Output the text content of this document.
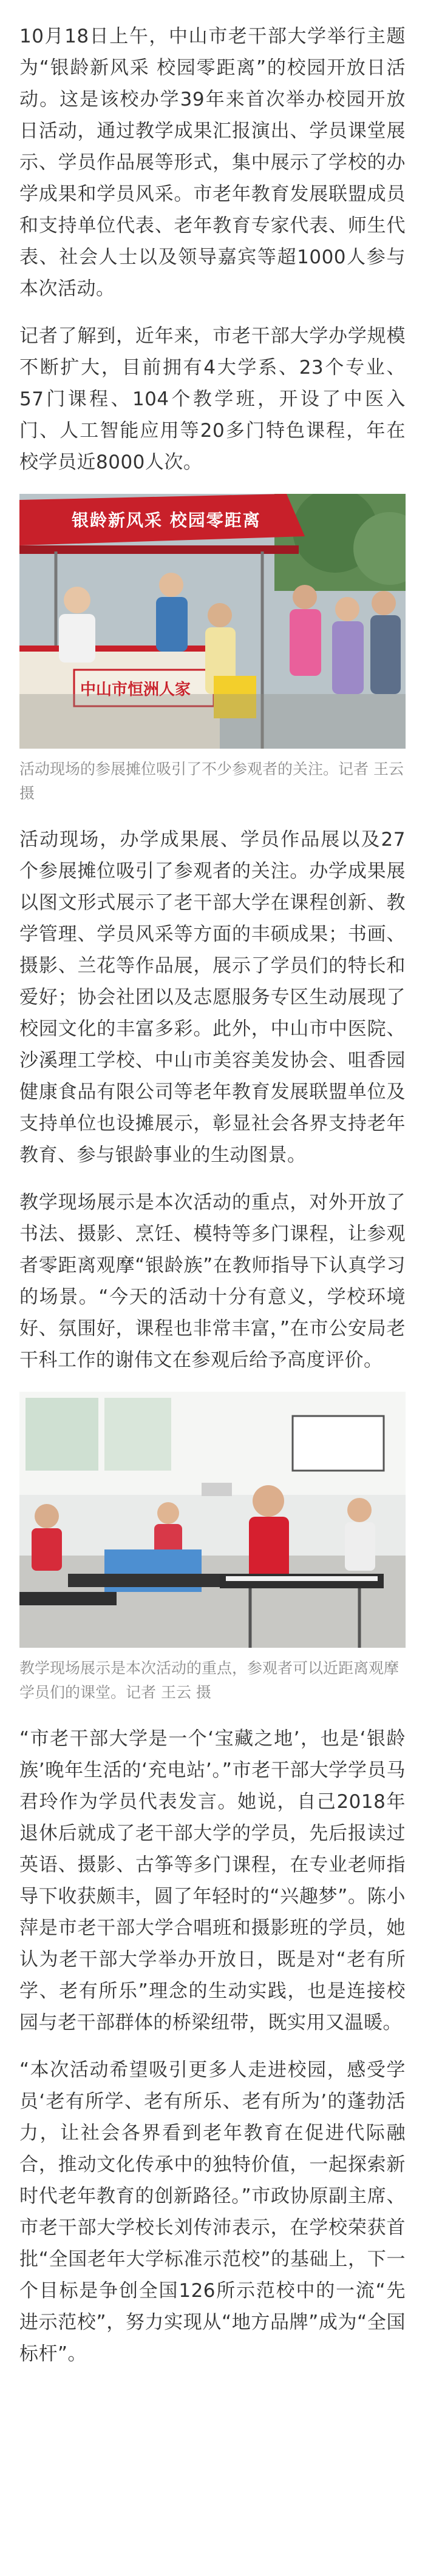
10月18日上午，中山市老干部大学举行主题为“银龄新风采 校园零距离”的校园开放日活动。这是该校办学39年来首次举办校园开放日活动，通过教学成果汇报演出、学员课堂展示、学员作品展等形式，集中展示了学校的办学成果和学员风采。市老年教育发展联盟成员和支持单位代表、老年教育专家代表、师生代表、社会人士以及领导嘉宾等超1000人参与本次活动。

记者了解到，近年来，市老干部大学办学规模不断扩大，目前拥有4大学系、23个专业、57门课程、104个教学班，开设了中医入门、人工智能应用等20多门特色课程，年在校学员近8000人次。

银龄新风采 校园零距离
中山市恒洲人家

活动现场的参展摊位吸引了不少参观者的关注。记者 王云 摄

活动现场，办学成果展、学员作品展以及27个参展摊位吸引了参观者的关注。办学成果展以图文形式展示了老干部大学在课程创新、教学管理、学员风采等方面的丰硕成果；书画、摄影、兰花等作品展，展示了学员们的特长和爱好；协会社团以及志愿服务专区生动展现了校园文化的丰富多彩。此外，中山市中医院、沙溪理工学校、中山市美容美发协会、咀香园健康食品有限公司等老年教育发展联盟单位及支持单位也设摊展示，彰显社会各界支持老年教育、参与银龄事业的生动图景。

教学现场展示是本次活动的重点，对外开放了书法、摄影、烹饪、模特等多门课程，让参观者零距离观摩“银龄族”在教师指导下认真学习的场景。“今天的活动十分有意义，学校环境好、氛围好，课程也非常丰富，”在市公安局老干科工作的谢伟文在参观后给予高度评价。

教学现场展示是本次活动的重点，参观者可以近距离观摩学员们的课堂。记者 王云 摄

“市老干部大学是一个‘宝藏之地’，也是‘银龄族’晚年生活的‘充电站’。”市老干部大学学员马君玲作为学员代表发言。她说，自己2018年退休后就成了老干部大学的学员，先后报读过英语、摄影、古筝等多门课程，在专业老师指导下收获颇丰，圆了年轻时的“兴趣梦”。陈小萍是市老干部大学合唱班和摄影班的学员，她认为老干部大学举办开放日，既是对“老有所学、老有所乐”理念的生动实践，也是连接校园与老干部群体的桥梁纽带，既实用又温暖。

“本次活动希望吸引更多人走进校园，感受学员‘老有所学、老有所乐、老有所为’的蓬勃活力，让社会各界看到老年教育在促进代际融合，推动文化传承中的独特价值，一起探索新时代老年教育的创新路径。”市政协原副主席、市老干部大学校长刘传沛表示，在学校荣获首批“全国老年大学标准示范校”的基础上，下一个目标是争创全国126所示范校中的一流“先进示范校”，努力实现从“地方品牌”成为“全国标杆”。
